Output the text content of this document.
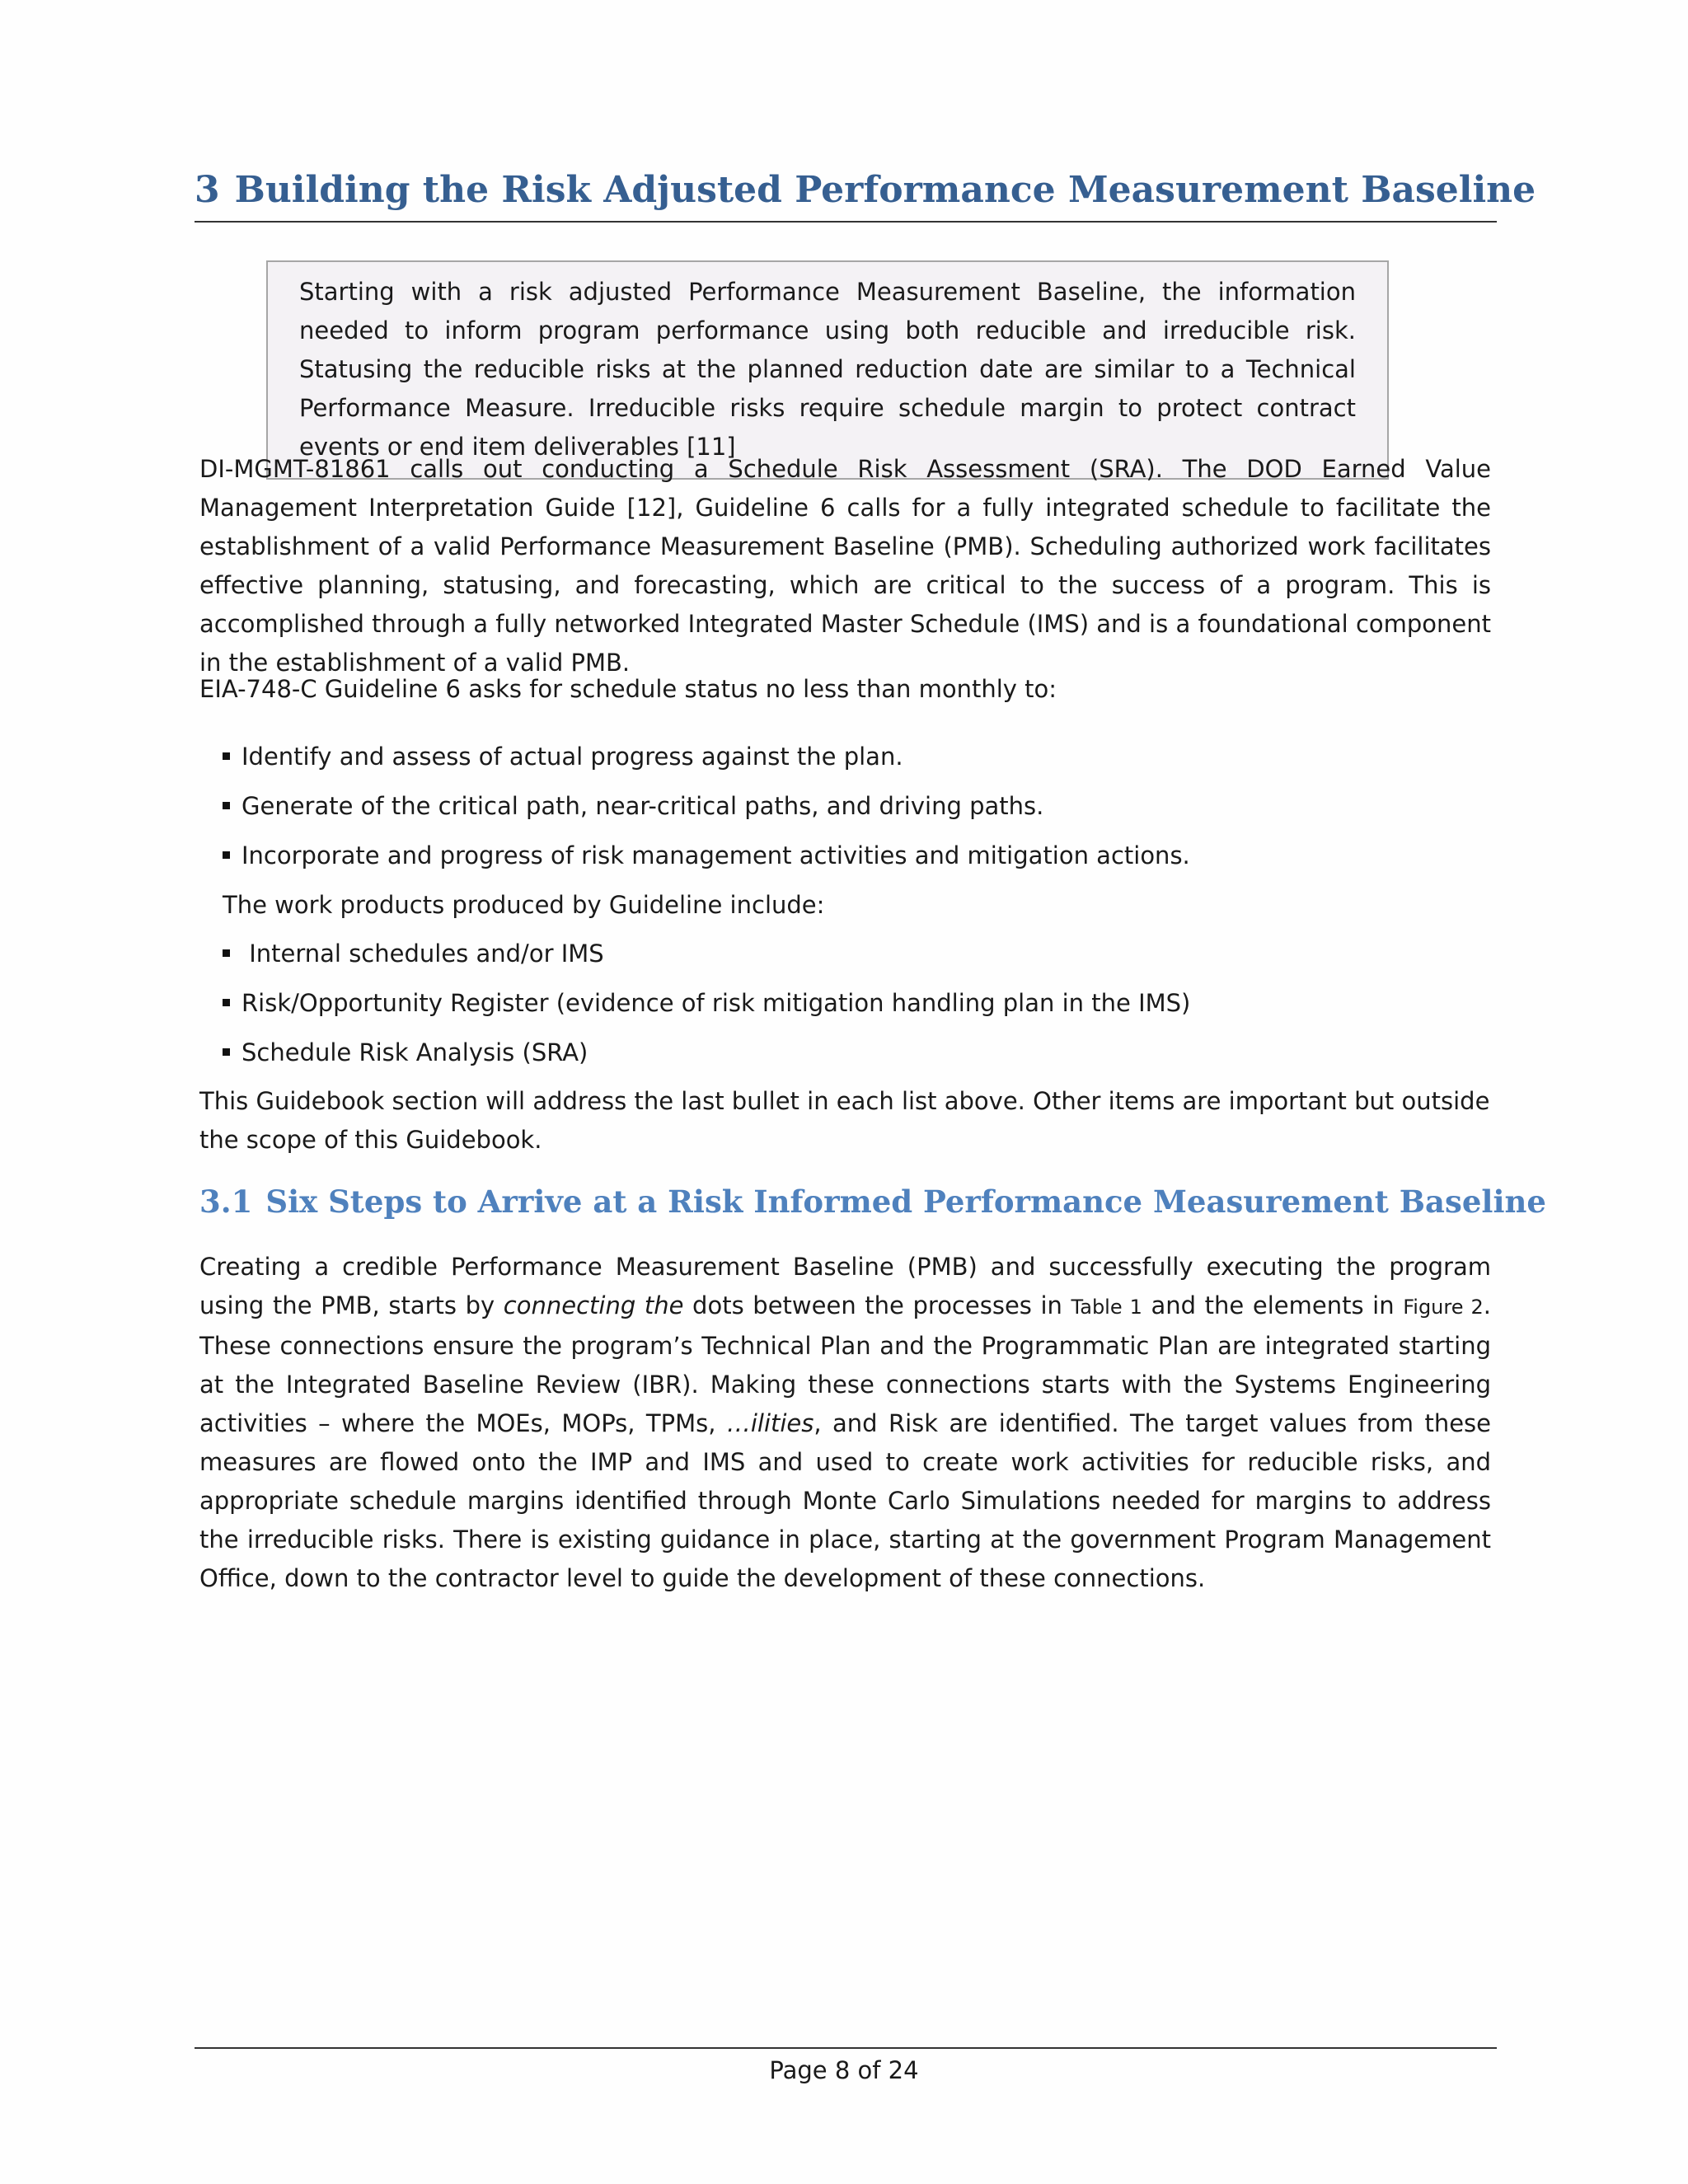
3 Building the Risk Adjusted Performance Measurement Baseline
Starting with a risk adjusted Performance Measurement Baseline, the information needed to inform program performance using both reducible and irreducible risk. Statusing the reducible risks at the planned reduction date are similar to a Technical Performance Measure. Irreducible risks require schedule margin to protect contract events or end item deliverables [11]
DI-MGMT-81861 calls out conducting a Schedule Risk Assessment (SRA). The DOD Earned Value Management Interpretation Guide [12], Guideline 6 calls for a fully integrated schedule to facilitate the establishment of a valid Performance Measurement Baseline (PMB). Scheduling authorized work facilitates effective planning, statusing, and forecasting, which are critical to the success of a program. This is accomplished through a fully networked Integrated Master Schedule (IMS) and is a foundational component in the establishment of a valid PMB.
EIA-748-C Guideline 6 asks for schedule status no less than monthly to:
Identify and assess of actual progress against the plan.
Generate of the critical path, near-critical paths, and driving paths.
Incorporate and progress of risk management activities and mitigation actions.
The work products produced by Guideline include:
Internal schedules and/or IMS
Risk/Opportunity Register (evidence of risk mitigation handling plan in the IMS)
Schedule Risk Analysis (SRA)
This Guidebook section will address the last bullet in each list above. Other items are important but outside the scope of this Guidebook.
3.1 Six Steps to Arrive at a Risk Informed Performance Measurement Baseline
Creating a credible Performance Measurement Baseline (PMB) and successfully executing the program using the PMB, starts by connecting the dots between the processes in Table 1 and the elements in Figure 2. These connections ensure the program’s Technical Plan and the Programmatic Plan are integrated starting at the Integrated Baseline Review (IBR). Making these connections starts with the Systems Engineering activities – where the MOEs, MOPs, TPMs, …ilities, and Risk are identified. The target values from these measures are flowed onto the IMP and IMS and used to create work activities for reducible risks, and appropriate schedule margins identified through Monte Carlo Simulations needed for margins to address the irreducible risks. There is existing guidance in place, starting at the government Program Management Office, down to the contractor level to guide the development of these connections.
Page 8 of 24
